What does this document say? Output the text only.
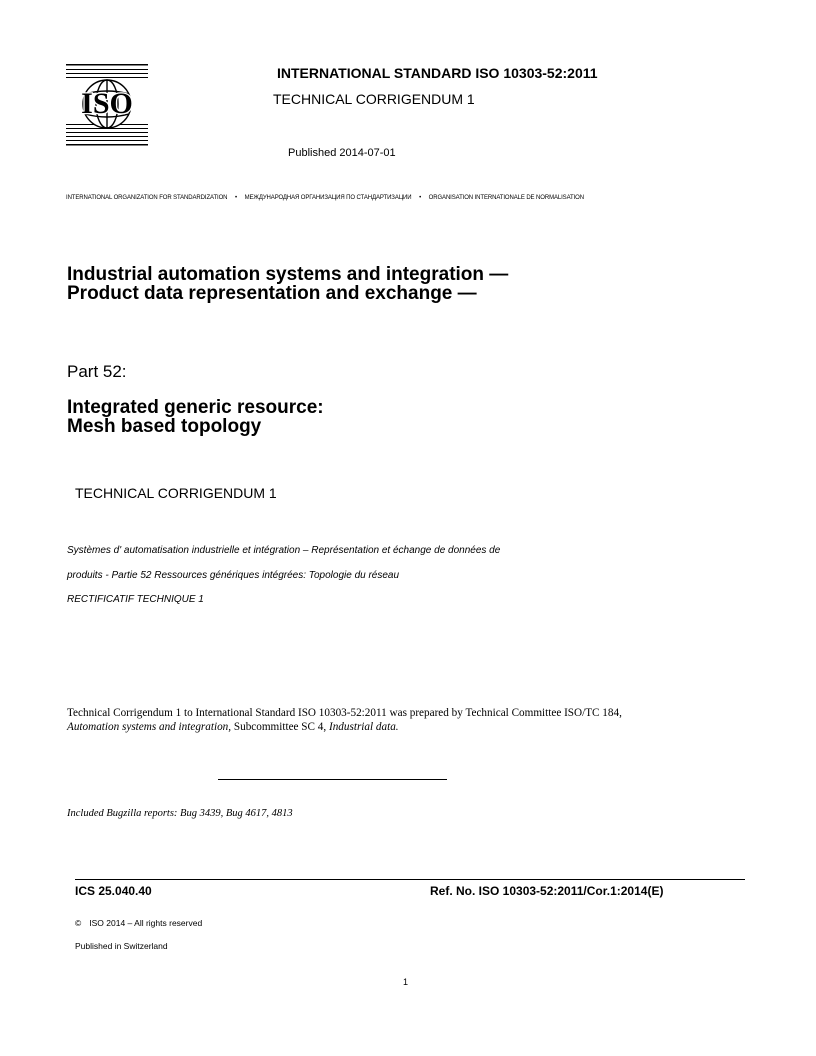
ISO
INTERNATIONAL STANDARD ISO 10303-52:2011
TECHNICAL CORRIGENDUM 1
Published 2014-07-01
INTERNATIONAL ORGANIZATION FOR STANDARDIZATION • МЕЖДУНАРОДНАЯ ОРГАНИЗАЦИЯ ПО СТАНДАРТИЗАЦИИ • ORGANISATION INTERNATIONALE DE NORMALISATION
Industrial automation systems and integration —
Product data representation and exchange —
Part 52:
Integrated generic resource:
Mesh based topology
TECHNICAL CORRIGENDUM 1
Systèmes d' automatisation industrielle et intégration – Représentation et échange de données de
produits - Partie 52 Ressources génériques intégrées: Topologie du réseau
RECTIFICATIF TECHNIQUE 1
Technical Corrigendum 1 to International Standard ISO 10303-52:2011 was prepared by Technical Committee ISO/TC 184,
Automation systems and integration, Subcommittee SC 4, Industrial data.
Included Bugzilla reports: Bug 3439, Bug 4617, 4813
ICS 25.040.40	Ref. No. ISO 10303-52:2011/Cor.1:2014(E)
© ISO 2014 – All rights reserved
Published in Switzerland
1
